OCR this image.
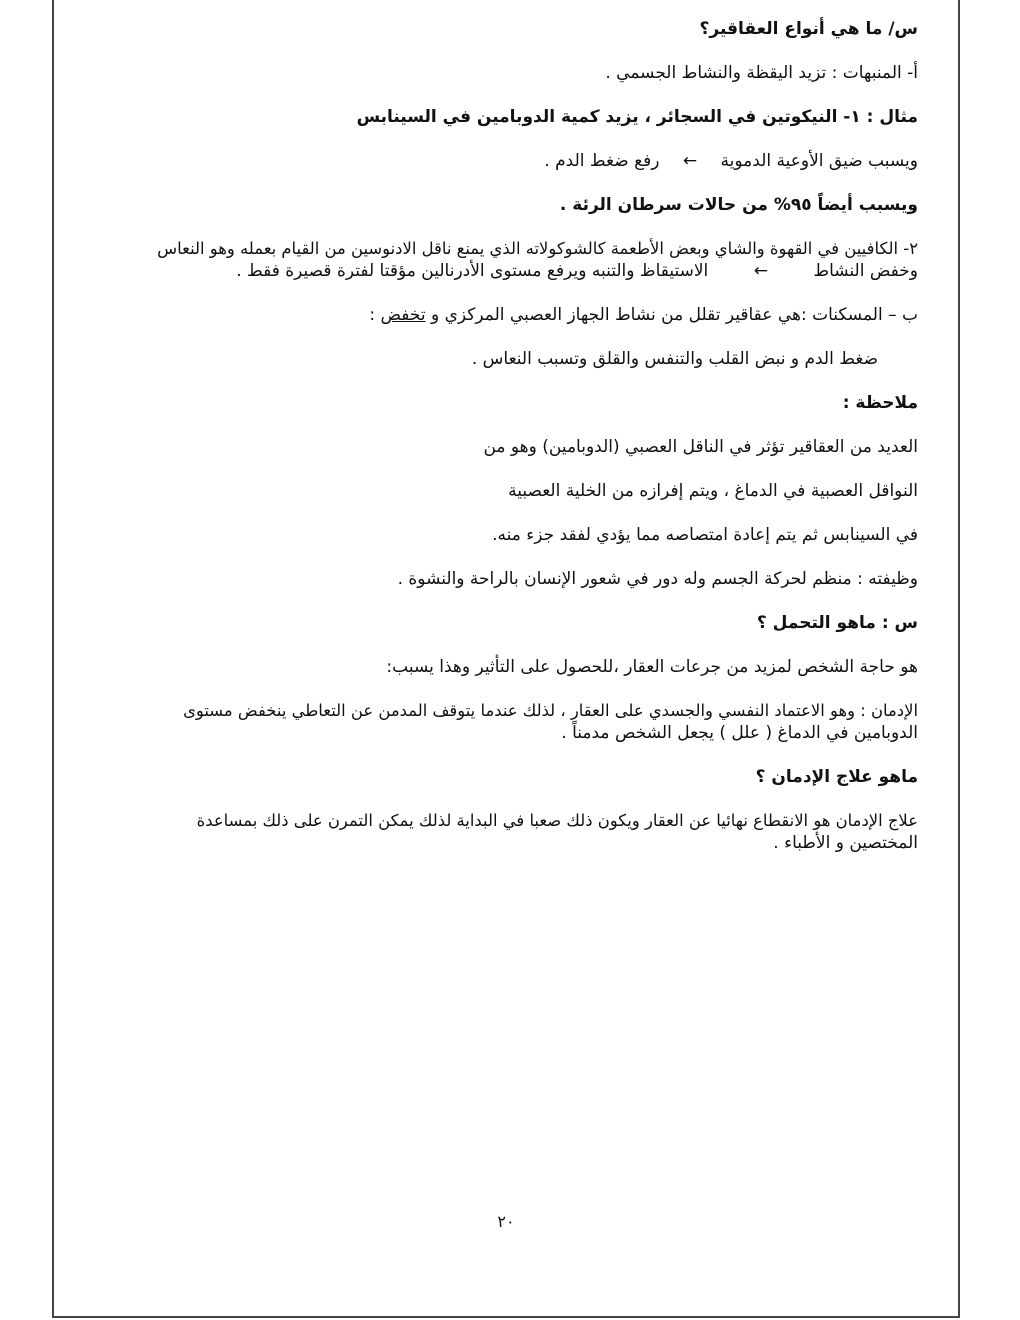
س/ ما هي أنواع العقاقير؟

أ- المنبهات : تزيد اليقظة والنشاط الجسمي .

مثال : ١- النيكوتين في السجائر ، يزيد كمية الدوبامين في السينابس

ويسبب ضيق الأوعية الدموية ← رفع ضغط الدم .

ويسبب أيضاً ٩٥% من حالات سرطان الرئة .

٢- الكافيين في القهوة والشاي وبعض الأطعمة كالشوكولاته الذي يمنع ناقل الادنوسين من القيام بعمله وهو النعاس

وخفض النشاط ← الاستيقاظ والتنبه ويرفع مستوى الأدرنالين مؤقتا لفترة قصيرة فقط .

ب – المسكنات :هي عقاقير تقلل من نشاط الجهاز العصبي المركزي و تخفض :

ضغط الدم و نبض القلب والتنفس والقلق وتسبب النعاس .

ملاحظة :

العديد من العقاقير تؤثر في الناقل العصبي (الدوبامين) وهو من

النواقل العصبية في الدماغ ، ويتم إفرازه من الخلية العصبية

في السينابس ثم يتم إعادة امتصاصه مما يؤدي لفقد جزء منه.

وظيفته : منظم لحركة الجسم وله دور في شعور الإنسان بالراحة والنشوة .

س : ماهو التحمل ؟

هو حاجة الشخص لمزيد من جرعات العقار ،للحصول على التأثير وهذا يسبب:

الإدمان : وهو الاعتماد النفسي والجسدي على العقار ، لذلك عندما يتوقف المدمن عن التعاطي ينخفض مستوى

الدوبامين في الدماغ ( علل ) يجعل الشخص مدمناً .

ماهو علاج الإدمان ؟

علاج الإدمان هو الانقطاع نهائيا عن العقار ويكون ذلك صعبا في البداية لذلك يمكن التمرن على ذلك بمساعدة

المختصين و الأطباء .

٢٠
